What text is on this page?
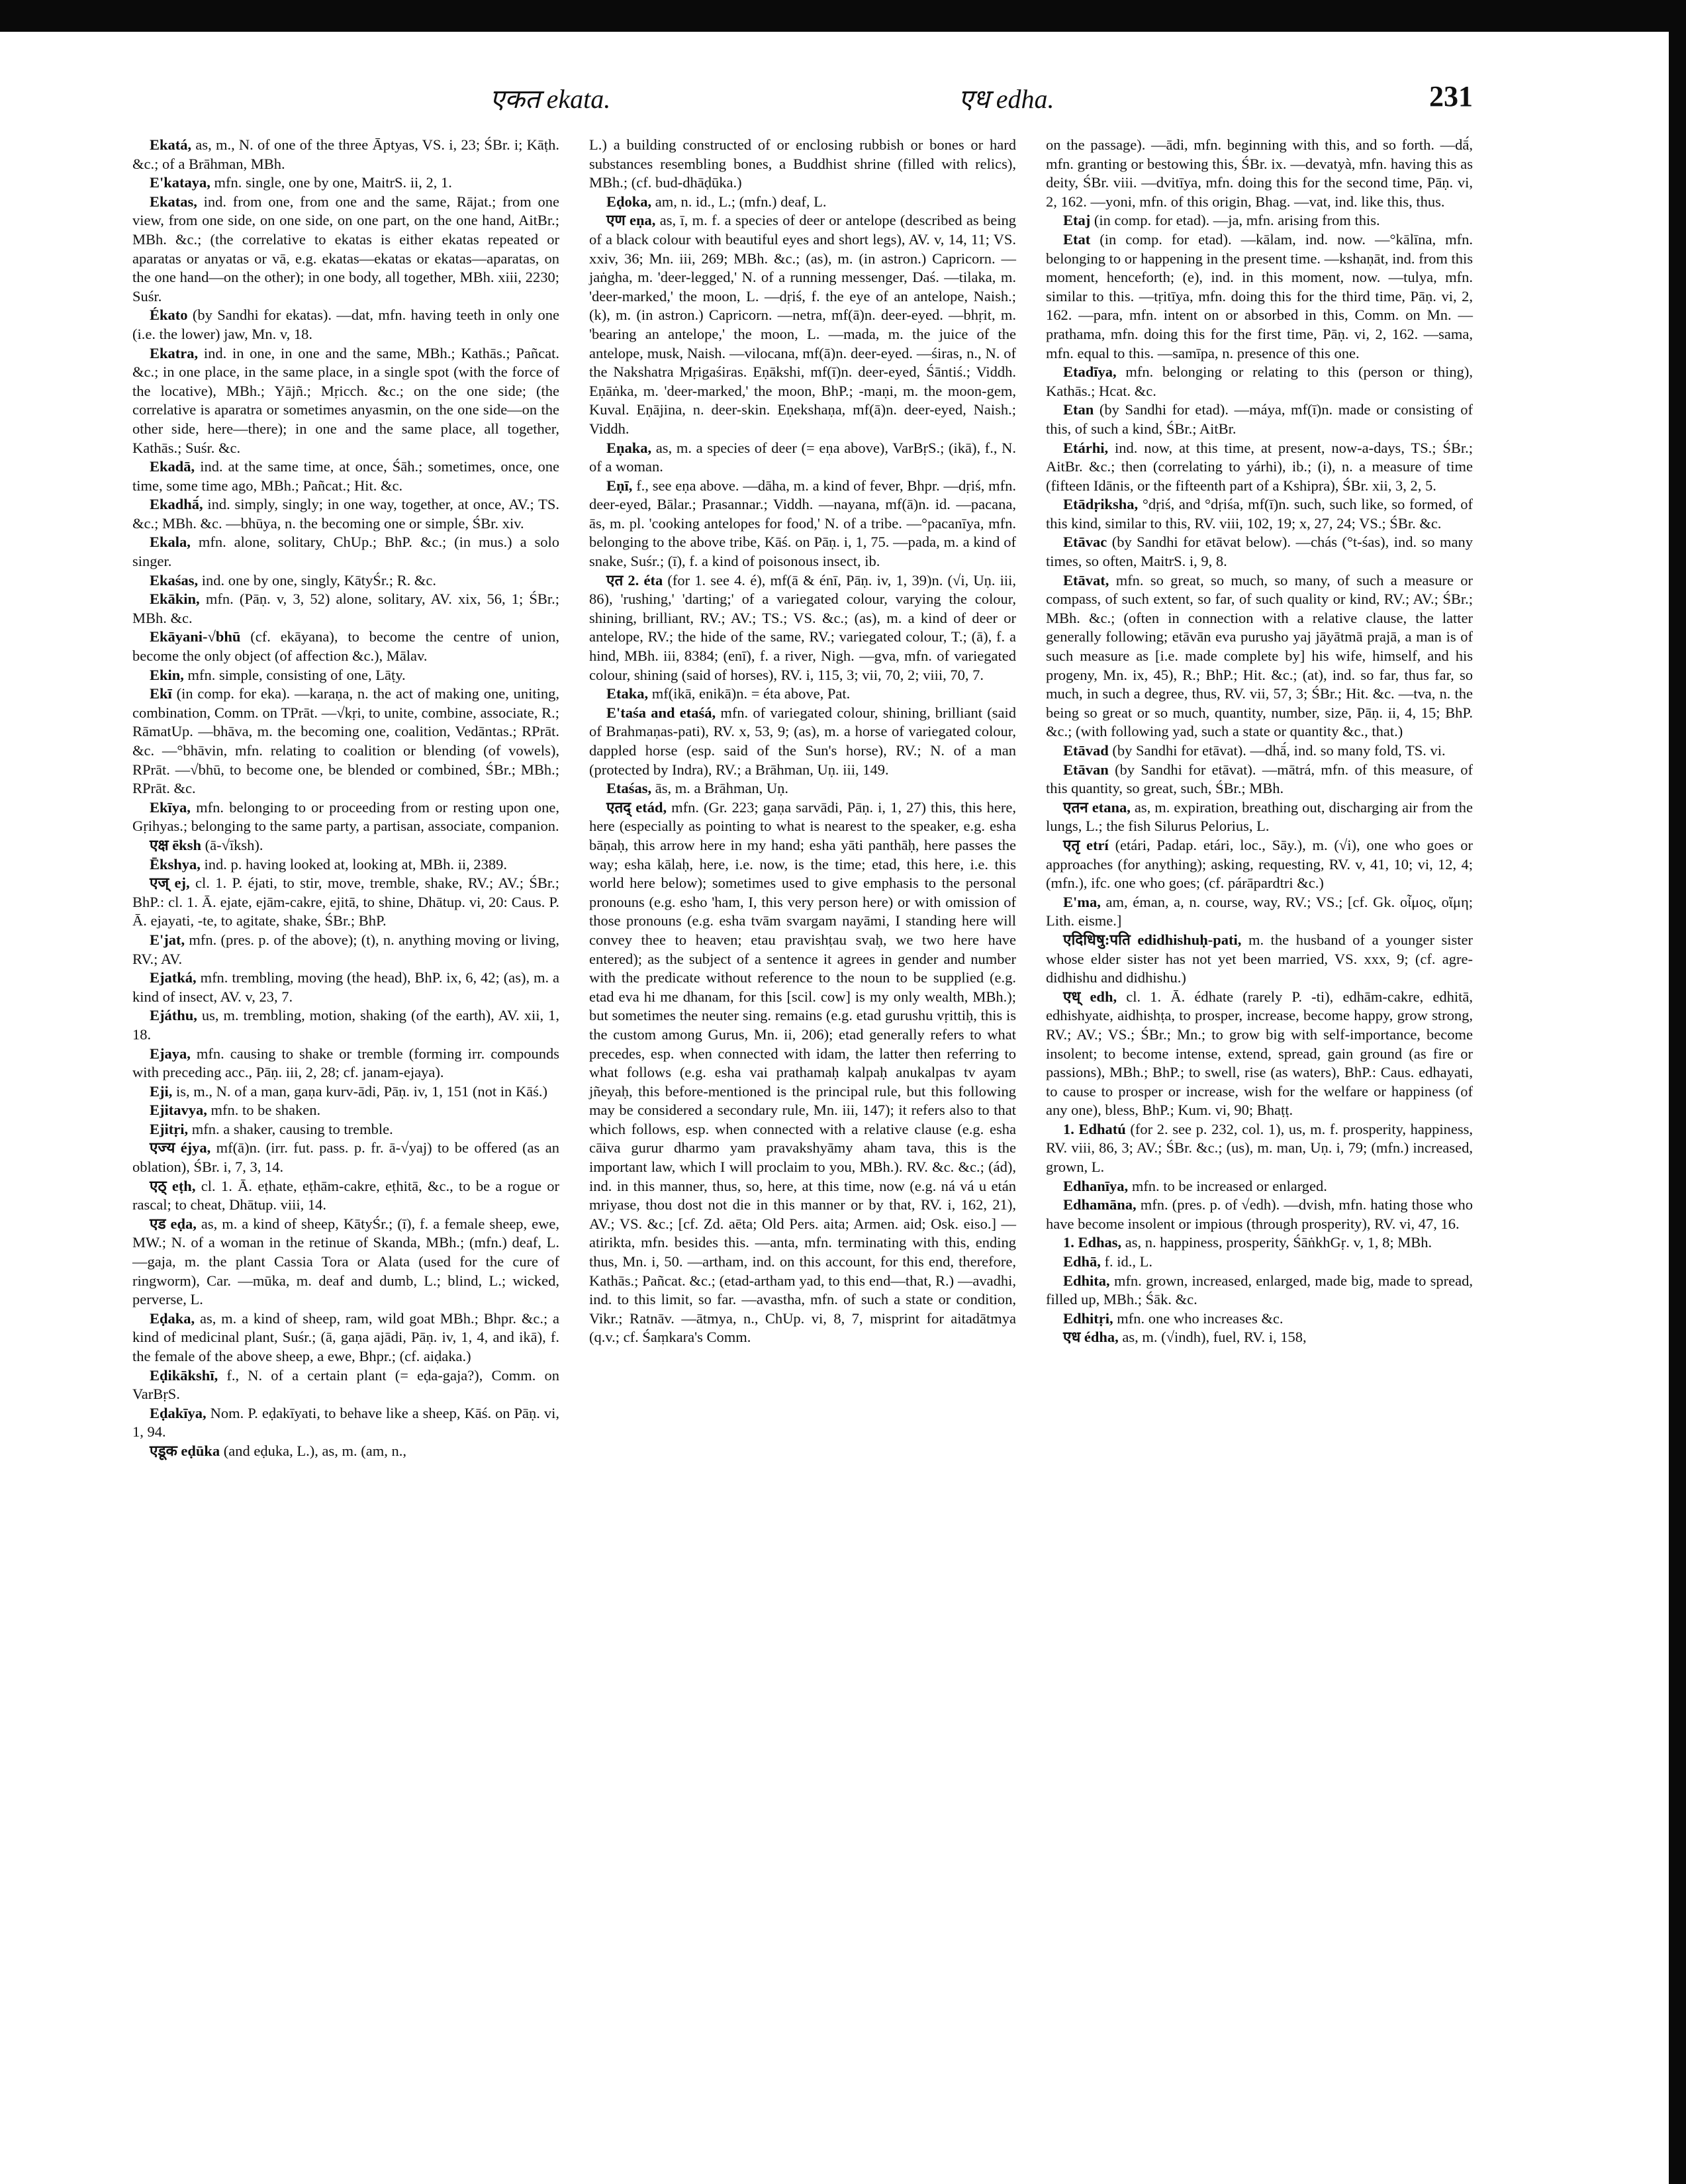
एकत ekata.	एध edha.	231

Ekatá, as, m., N. of one of the three Āptyas, VS. i, 23; ŚBr. i; Kāṭh. &c.; of a Brāhman, MBh.

E'kataya, mfn. single, one by one, MaitrS. ii, 2, 1.

Ekatas, ind. from one, from one and the same, Rājat.; from one view, from one side, on one side, on one part, on the one hand, AitBr.; MBh. &c.; (the correlative to ekatas is either ekatas repeated or aparatas or anyatas or vā, e.g. ekatas—ekatas or ekatas—aparatas, on the one hand—on the other); in one body, all together, MBh. xiii, 2230; Suśr.

Ékato (by Sandhi for ekatas). —dat, mfn. having teeth in only one (i.e. the lower) jaw, Mn. v, 18.

Ekatra, ind. in one, in one and the same, MBh.; Kathās.; Pañcat. &c.; in one place, in the same place, in a single spot (with the force of the locative), MBh.; Yājñ.; Mṛicch. &c.; on the one side; (the correlative is aparatra or sometimes anyasmin, on the one side—on the other side, here—there); in one and the same place, all together, Kathās.; Suśr. &c.

Ekadā, ind. at the same time, at once, Śāh.; sometimes, once, one time, some time ago, MBh.; Pañcat.; Hit. &c.

Ekadhā́, ind. simply, singly; in one way, together, at once, AV.; TS. &c.; MBh. &c. —bhūya, n. the becoming one or simple, ŚBr. xiv.

Ekala, mfn. alone, solitary, ChUp.; BhP. &c.; (in mus.) a solo singer.

Ekaśas, ind. one by one, singly, KātyŚr.; R. &c.

Ekākin, mfn. (Pāṇ. v, 3, 52) alone, solitary, AV. xix, 56, 1; ŚBr.; MBh. &c.

Ekāyani-√bhū (cf. ekāyana), to become the centre of union, become the only object (of affection &c.), Mālav.

Ekin, mfn. simple, consisting of one, Lāṭy.

Ekī (in comp. for eka). —karaṇa, n. the act of making one, uniting, combination, Comm. on TPrāt. —√kṛi, to unite, combine, associate, R.; RāmatUp. —bhāva, m. the becoming one, coalition, Vedāntas.; RPrāt. &c. —°bhāvin, mfn. relating to coalition or blending (of vowels), RPrāt. —√bhū, to become one, be blended or combined, ŚBr.; MBh.; RPrāt. &c.

Ekīya, mfn. belonging to or proceeding from or resting upon one, Gṛihyas.; belonging to the same party, a partisan, associate, companion.

एक्ष ēksh (ā-√īksh).

Ēkshya, ind. p. having looked at, looking at, MBh. ii, 2389.

एज् ej, cl. 1. P. éjati, to stir, move, tremble, shake, RV.; AV.; ŚBr.; BhP.: cl. 1. Ā. ejate, ejām-cakre, ejitā, to shine, Dhātup. vi, 20: Caus. P. Ā. ejayati, -te, to agitate, shake, ŚBr.; BhP.

E'jat, mfn. (pres. p. of the above); (t), n. anything moving or living, RV.; AV.

Ejatká, mfn. trembling, moving (the head), BhP. ix, 6, 42; (as), m. a kind of insect, AV. v, 23, 7.

Ejáthu, us, m. trembling, motion, shaking (of the earth), AV. xii, 1, 18.

Ejaya, mfn. causing to shake or tremble (forming irr. compounds with preceding acc., Pāṇ. iii, 2, 28; cf. janam-ejaya).

Eji, is, m., N. of a man, gaṇa kurv-ādi, Pāṇ. iv, 1, 151 (not in Kāś.)

Ejitavya, mfn. to be shaken.

Ejitṛi, mfn. a shaker, causing to tremble.

एज्य éjya, mf(ā)n. (irr. fut. pass. p. fr. ā-√yaj) to be offered (as an oblation), ŚBr. i, 7, 3, 14.

एठ् eṭh, cl. 1. Ā. eṭhate, eṭhām-cakre, eṭhitā, &c., to be a rogue or rascal; to cheat, Dhātup. viii, 14.

एड eḍa, as, m. a kind of sheep, KātyŚr.; (ī), f. a female sheep, ewe, MW.; N. of a woman in the retinue of Skanda, MBh.; (mfn.) deaf, L. —gaja, m. the plant Cassia Tora or Alata (used for the cure of ringworm), Car. —mūka, m. deaf and dumb, L.; blind, L.; wicked, perverse, L.

Eḍaka, as, m. a kind of sheep, ram, wild goat MBh.; Bhpr. &c.; a kind of medicinal plant, Suśr.; (ā, gaṇa ajādi, Pāṇ. iv, 1, 4, and ikā), f. the female of the above sheep, a ewe, Bhpr.; (cf. aiḍaka.)

Eḍikākshī, f., N. of a certain plant (= eḍa-gaja?), Comm. on VarBṛS.

Eḍakīya, Nom. P. eḍakīyati, to behave like a sheep, Kāś. on Pāṇ. vi, 1, 94.

एडूक eḍūka (and eḍuka, L.), as, m. (am, n.,

L.) a building constructed of or enclosing rubbish or bones or hard substances resembling bones, a Buddhist shrine (filled with relics), MBh.; (cf. bud-dhāḍūka.)

Eḍoka, am, n. id., L.; (mfn.) deaf, L.

एण eṇa, as, ī, m. f. a species of deer or antelope (described as being of a black colour with beautiful eyes and short legs), AV. v, 14, 11; VS. xxiv, 36; Mn. iii, 269; MBh. &c.; (as), m. (in astron.) Capricorn. —jaṅgha, m. 'deer-legged,' N. of a running messenger, Daś. —tilaka, m. 'deer-marked,' the moon, L. —dṛiś, f. the eye of an antelope, Naish.; (k), m. (in astron.) Capricorn. —netra, mf(ā)n. deer-eyed. —bhṛit, m. 'bearing an antelope,' the moon, L. —mada, m. the juice of the antelope, musk, Naish. —vilocana, mf(ā)n. deer-eyed. —śiras, n., N. of the Nakshatra Mṛigaśiras. Eṇākshi, mf(ī)n. deer-eyed, Śāntiś.; Viddh. Eṇāṅka, m. 'deer-marked,' the moon, BhP.; -maṇi, m. the moon-gem, Kuval. Eṇājina, n. deer-skin. Eṇekshaṇa, mf(ā)n. deer-eyed, Naish.; Viddh.

Eṇaka, as, m. a species of deer (= eṇa above), VarBṛS.; (ikā), f., N. of a woman.

Eṇī, f., see eṇa above. —dāha, m. a kind of fever, Bhpr. —dṛiś, mfn. deer-eyed, Bālar.; Prasannar.; Viddh. —nayana, mf(ā)n. id. —pacana, ās, m. pl. 'cooking antelopes for food,' N. of a tribe. —°pacanīya, mfn. belonging to the above tribe, Kāś. on Pāṇ. i, 1, 75. —pada, m. a kind of snake, Suśr.; (ī), f. a kind of poisonous insect, ib.

एत 2. éta (for 1. see 4. é), mf(ā & énī, Pāṇ. iv, 1, 39)n. (√i, Uṇ. iii, 86), 'rushing,' 'darting;' of a variegated colour, varying the colour, shining, brilliant, RV.; AV.; TS.; VS. &c.; (as), m. a kind of deer or antelope, RV.; the hide of the same, RV.; variegated colour, T.; (ā), f. a hind, MBh. iii, 8384; (enī), f. a river, Nigh. —gva, mfn. of variegated colour, shining (said of horses), RV. i, 115, 3; vii, 70, 2; viii, 70, 7.

Etaka, mf(ikā, enikā)n. = éta above, Pat.

E'taśa and etaśá, mfn. of variegated colour, shining, brilliant (said of Brahmaṇas-pati), RV. x, 53, 9; (as), m. a horse of variegated colour, dappled horse (esp. said of the Sun's horse), RV.; N. of a man (protected by Indra), RV.; a Brāhman, Uṇ. iii, 149.

Etaśas, ās, m. a Brāhman, Uṇ.

एतद् etád, mfn. (Gr. 223; gaṇa sarvādi, Pāṇ. i, 1, 27) this, this here, here (especially as pointing to what is nearest to the speaker, e.g. esha bāṇaḥ, this arrow here in my hand; esha yāti panthāḥ, here passes the way; esha kālaḥ, here, i.e. now, is the time; etad, this here, i.e. this world here below); sometimes used to give emphasis to the personal pronouns (e.g. esho 'ham, I, this very person here) or with omission of those pronouns (e.g. esha tvām svargam nayāmi, I standing here will convey thee to heaven; etau pravishṭau svaḥ, we two here have entered); as the subject of a sentence it agrees in gender and number with the predicate without reference to the noun to be supplied (e.g. etad eva hi me dhanam, for this [scil. cow] is my only wealth, MBh.); but sometimes the neuter sing. remains (e.g. etad gurushu vṛittiḥ, this is the custom among Gurus, Mn. ii, 206); etad generally refers to what precedes, esp. when connected with idam, the latter then referring to what follows (e.g. esha vai prathamaḥ kalpaḥ anukalpas tv ayam jñeyaḥ, this before-mentioned is the principal rule, but this following may be considered a secondary rule, Mn. iii, 147); it refers also to that which follows, esp. when connected with a relative clause (e.g. esha cāiva gurur dharmo yam pravakshyāmy aham tava, this is the important law, which I will proclaim to you, MBh.). RV. &c. &c.; (ád), ind. in this manner, thus, so, here, at this time, now (e.g. ná vá u etán mriyase, thou dost not die in this manner or by that, RV. i, 162, 21), AV.; VS. &c.; [cf. Zd. aēta; Old Pers. aita; Armen. aid; Osk. eiso.] —atirikta, mfn. besides this. —anta, mfn. terminating with this, ending thus, Mn. i, 50. —artham, ind. on this account, for this end, therefore, Kathās.; Pañcat. &c.; (etad-artham yad, to this end—that, R.) —avadhi, ind. to this limit, so far. —avastha, mfn. of such a state or condition, Vikr.; Ratnāv. —ātmya, n., ChUp. vi, 8, 7, misprint for aitadātmya (q.v.; cf. Śaṃkara's Comm.

on the passage). —ādi, mfn. beginning with this, and so forth. —dā́, mfn. granting or bestowing this, ŚBr. ix. —devatyà, mfn. having this as deity, ŚBr. viii. —dvitīya, mfn. doing this for the second time, Pāṇ. vi, 2, 162. —yoni, mfn. of this origin, Bhag. —vat, ind. like this, thus.

Etaj (in comp. for etad). —ja, mfn. arising from this.

Etat (in comp. for etad). —kālam, ind. now. —°kālīna, mfn. belonging to or happening in the present time. —kshaṇāt, ind. from this moment, henceforth; (e), ind. in this moment, now. —tulya, mfn. similar to this. —tṛitīya, mfn. doing this for the third time, Pāṇ. vi, 2, 162. —para, mfn. intent on or absorbed in this, Comm. on Mn. —prathama, mfn. doing this for the first time, Pāṇ. vi, 2, 162. —sama, mfn. equal to this. —samīpa, n. presence of this one.

Etadīya, mfn. belonging or relating to this (person or thing), Kathās.; Hcat. &c.

Etan (by Sandhi for etad). —máya, mf(ī)n. made or consisting of this, of such a kind, ŚBr.; AitBr.

Etárhi, ind. now, at this time, at present, now-a-days, TS.; ŚBr.; AitBr. &c.; then (correlating to yárhi), ib.; (i), n. a measure of time (fifteen Idānis, or the fifteenth part of a Kshipra), ŚBr. xii, 3, 2, 5.

Etādṛiksha, °dṛiś, and °dṛiśa, mf(ī)n. such, such like, so formed, of this kind, similar to this, RV. viii, 102, 19; x, 27, 24; VS.; ŚBr. &c.

Etāvac (by Sandhi for etāvat below). —chás (°t-śas), ind. so many times, so often, MaitrS. i, 9, 8.

Etāvat, mfn. so great, so much, so many, of such a measure or compass, of such extent, so far, of such quality or kind, RV.; AV.; ŚBr.; MBh. &c.; (often in connection with a relative clause, the latter generally following; etāvān eva purusho yaj jāyātmā prajā, a man is of such measure as [i.e. made complete by] his wife, himself, and his progeny, Mn. ix, 45), R.; BhP.; Hit. &c.; (at), ind. so far, thus far, so much, in such a degree, thus, RV. vii, 57, 3; ŚBr.; Hit. &c. —tva, n. the being so great or so much, quantity, number, size, Pāṇ. ii, 4, 15; BhP. &c.; (with following yad, such a state or quantity &c., that.)

Etāvad (by Sandhi for etāvat). —dhā́, ind. so many fold, TS. vi.

Etāvan (by Sandhi for etāvat). —mātrá, mfn. of this measure, of this quantity, so great, such, ŚBr.; MBh.

एतन etana, as, m. expiration, breathing out, discharging air from the lungs, L.; the fish Silurus Pelorius, L.

एतृ etrí (etári, Padap. etári, loc., Sāy.), m. (√i), one who goes or approaches (for anything); asking, requesting, RV. v, 41, 10; vi, 12, 4; (mfn.), ifc. one who goes; (cf. párāpardtri &c.)

E'ma, am, éman, a, n. course, way, RV.; VS.; [cf. Gk. οἶμος, οἴμη; Lith. eisme.]

एदिधिषु:पति edidhishuḥ-pati, m. the husband of a younger sister whose elder sister has not yet been married, VS. xxx, 9; (cf. agre-didhishu and didhishu.)

एध् edh, cl. 1. Ā. édhate (rarely P. -ti), edhām-cakre, edhitā, edhishyate, aidhishṭa, to prosper, increase, become happy, grow strong, RV.; AV.; VS.; ŚBr.; Mn.; to grow big with self-importance, become insolent; to become intense, extend, spread, gain ground (as fire or passions), MBh.; BhP.; to swell, rise (as waters), BhP.: Caus. edhayati, to cause to prosper or increase, wish for the welfare or happiness (of any one), bless, BhP.; Kum. vi, 90; Bhaṭṭ.

1. Edhatú (for 2. see p. 232, col. 1), us, m. f. prosperity, happiness, RV. viii, 86, 3; AV.; ŚBr. &c.; (us), m. man, Uṇ. i, 79; (mfn.) increased, grown, L.

Edhanīya, mfn. to be increased or enlarged.

Edhamāna, mfn. (pres. p. of √edh). —dvish, mfn. hating those who have become insolent or impious (through prosperity), RV. vi, 47, 16.

1. Edhas, as, n. happiness, prosperity, ŚāṅkhGṛ. v, 1, 8; MBh.

Edhā, f. id., L.

Edhita, mfn. grown, increased, enlarged, made big, made to spread, filled up, MBh.; Śāk. &c.

Edhitṛi, mfn. one who increases &c.

एध édha, as, m. (√indh), fuel, RV. i, 158,
